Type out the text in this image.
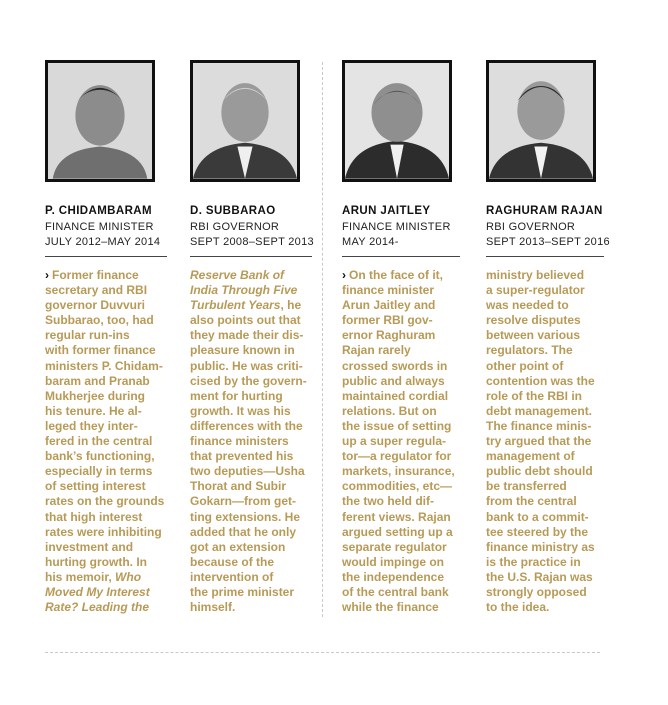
P. CHIDAMBARAM
FINANCE MINISTER
JULY 2012–MAY 2014
› Former finance
secretary and RBI
governor Duvvuri
Subbarao, too, had
regular run-ins
with former finance
ministers P. Chidam-
baram and Pranab
Mukherjee during
his tenure. He al-
leged they inter-
fered in the central
bank’s functioning,
especially in terms
of setting interest
rates on the grounds
that high interest
rates were inhibiting
investment and
hurting growth. In
his memoir, Who
Moved My Interest
Rate? Leading the
D. SUBBARAO
RBI GOVERNOR
SEPT 2008–SEPT 2013
Reserve Bank of
India Through Five
Turbulent Years, he
also points out that
they made their dis-
pleasure known in
public. He was criti-
cised by the govern-
ment for hurting
growth. It was his
differences with the
finance ministers
that prevented his
two deputies—Usha
Thorat and Subir
Gokarn—from get-
ting extensions. He
added that he only
got an extension
because of the
intervention of
the prime minister
himself.
ARUN JAITLEY
FINANCE MINISTER
MAY 2014-
› On the face of it,
finance minister
Arun Jaitley and
former RBI gov-
ernor Raghuram
Rajan rarely
crossed swords in
public and always
maintained cordial
relations. But on
the issue of setting
up a super regula-
tor—a regulator for
markets, insurance,
commodities, etc—
the two held dif-
ferent views. Rajan
argued setting up a
separate regulator
would impinge on
the independence
of the central bank
while the finance
RAGHURAM RAJAN
RBI GOVERNOR
SEPT 2013–SEPT 2016
ministry believed
a super-regulator
was needed to
resolve disputes
between various
regulators. The
other point of
contention was the
role of the RBI in
debt management.
The finance minis-
try argued that the
management of
public debt should
be transferred
from the central
bank to a commit-
tee steered by the
finance ministry as
is the practice in
the U.S. Rajan was
strongly opposed
to the idea.
